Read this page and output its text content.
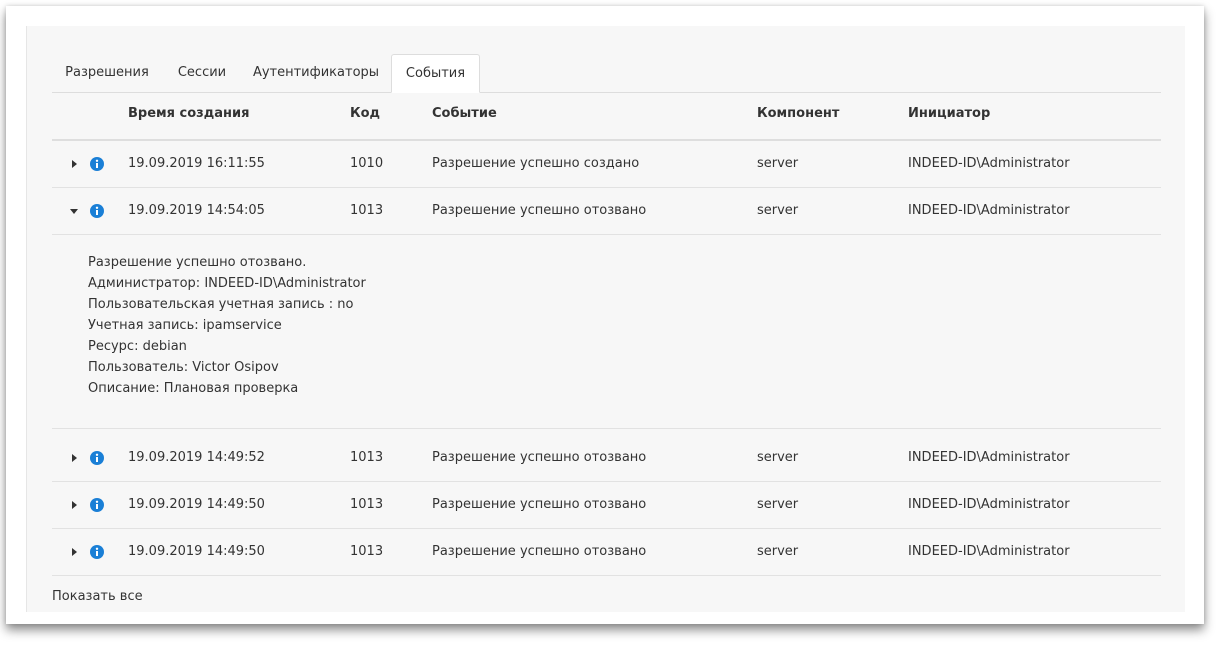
Разрешения	Сессии	Аутентификаторы	События
Время создания	Код	Событие	Компонент	Инициатор
19.09.2019 16:11:55	1010	Разрешение успешно создано	server	INDEED-ID\Administrator
19.09.2019 14:54:05	1013	Разрешение успешно отозвано	server	INDEED-ID\Administrator
Разрешение успешно отозвано.
Администратор: INDEED-ID\Administrator
Пользовательская учетная запись : no
Учетная запись: ipamservice
Ресурс: debian
Пользователь: Victor Osipov
Описание: Плановая проверка
19.09.2019 14:49:52	1013	Разрешение успешно отозвано	server	INDEED-ID\Administrator
19.09.2019 14:49:50	1013	Разрешение успешно отозвано	server	INDEED-ID\Administrator
19.09.2019 14:49:50	1013	Разрешение успешно отозвано	server	INDEED-ID\Administrator
Показать все
